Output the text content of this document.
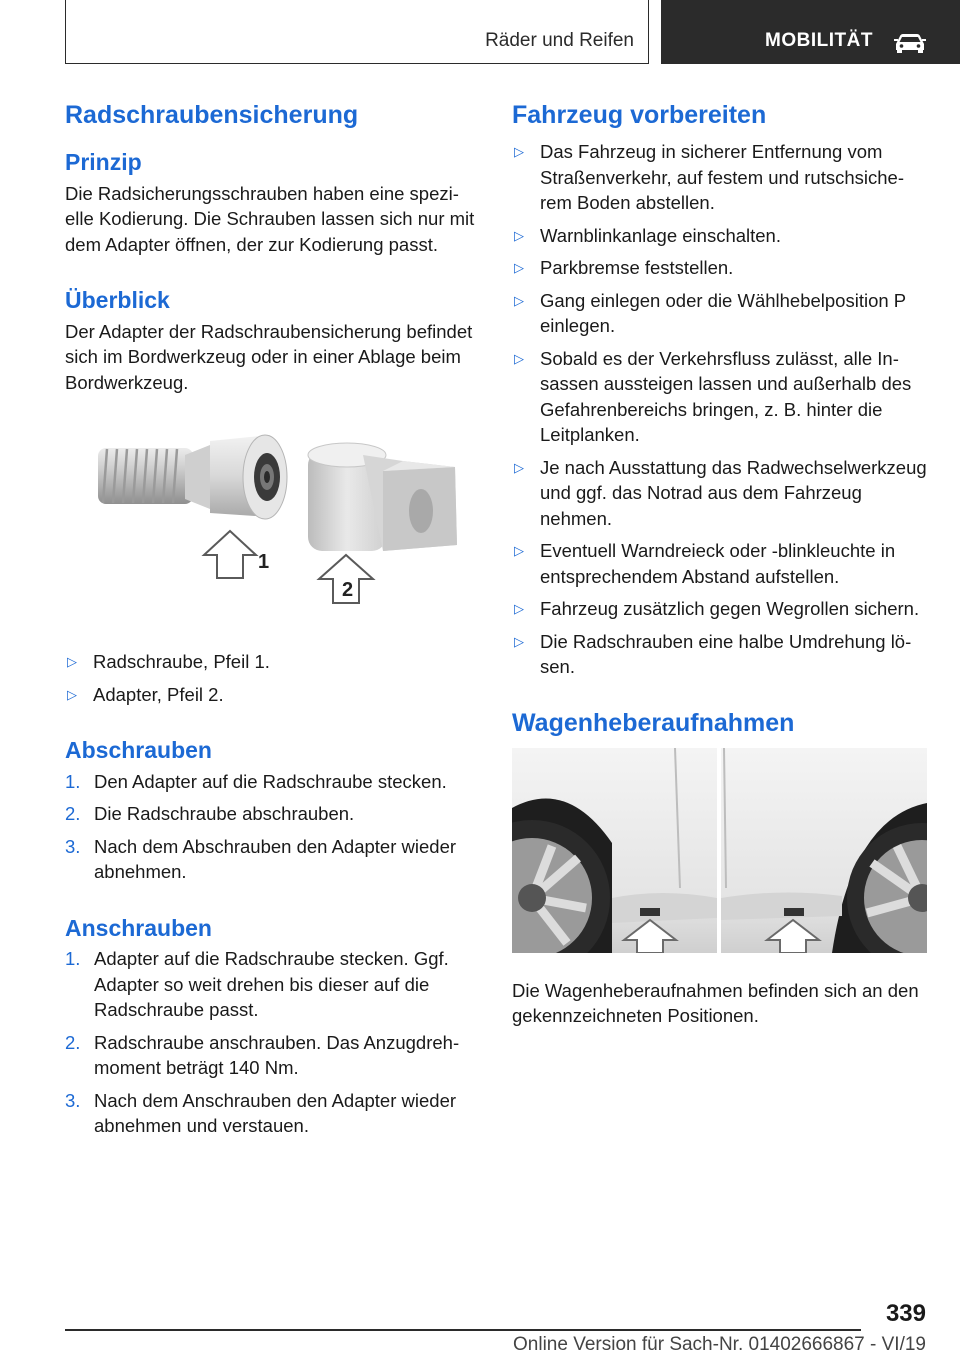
Räder und Reifen	MOBILITÄT
Radschraubensicherung
Prinzip

Die Radsicherungsschrauben haben eine spezielle Kodierung. Die Schrauben lassen sich nur mit dem Adapter öffnen, der zur Kodierung passt.

Überblick

Der Adapter der Radschraubensicherung befindet sich im Bordwerkzeug oder in einer Ablage beim Bordwerkzeug.

1
2
▷ Radschraube, Pfeil 1.
▷ Adapter, Pfeil 2.
Abschrauben
1. Den Adapter auf die Radschraube stecken.
2. Die Radschraube abschrauben.
3. Nach dem Abschrauben den Adapter wieder abnehmen.
Anschrauben
1. Adapter auf die Radschraube stecken. Ggf. Adapter so weit drehen bis dieser auf die Radschraube passt.
2. Radschraube anschrauben. Das Anzugdrehmoment beträgt 140 Nm.
3. Nach dem Anschrauben den Adapter wieder abnehmen und verstauen.
Fahrzeug vorbereiten
▷ Das Fahrzeug in sicherer Entfernung vom Straßenverkehr, auf festem und rutschsicherem Boden abstellen.
▷ Warnblinkanlage einschalten.
▷ Parkbremse feststellen.
▷ Gang einlegen oder die Wählhebelposition P einlegen.
▷ Sobald es der Verkehrsfluss zulässt, alle Insassen aussteigen lassen und außerhalb des Gefahrenbereichs bringen, z. B. hinter die Leitplanken.
▷ Je nach Ausstattung das Radwechselwerkzeug und ggf. das Notrad aus dem Fahrzeug nehmen.
▷ Eventuell Warndreieck oder -blinkleuchte in entsprechendem Abstand aufstellen.
▷ Fahrzeug zusätzlich gegen Wegrollen sichern.
▷ Die Radschrauben eine halbe Umdrehung lösen.
Wagenheberaufnahmen

Die Wagenheberaufnahmen befinden sich an den gekennzeichneten Positionen.

339
Online Version für Sach-Nr. 01402666867 - VI/19
